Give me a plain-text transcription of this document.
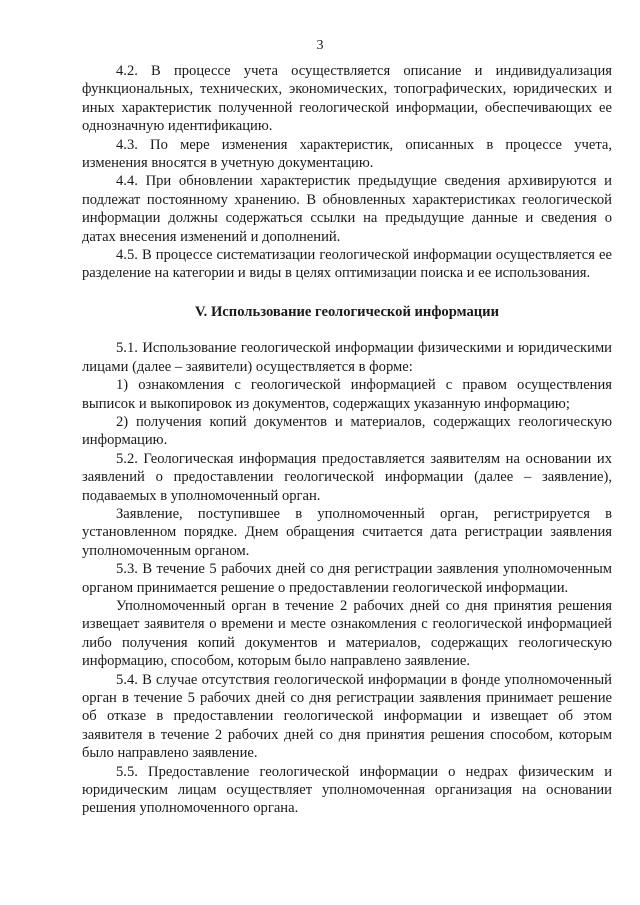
3

4.2. В процессе учета осуществляется описание и индивидуализация функциональных, технических, экономических, топографических, юридических и иных характеристик полученной геологической информации, обеспечивающих ее однозначную идентификацию.

4.3. По мере изменения характеристик, описанных в процессе учета, изменения вносятся в учетную документацию.

4.4. При обновлении характеристик предыдущие сведения архивируются и подлежат постоянному хранению. В обновленных характеристиках геологической информации должны содержаться ссылки на предыдущие данные и сведения о датах внесения изменений и дополнений.

4.5. В процессе систематизации геологической информации осуществляется ее разделение на категории и виды в целях оптимизации поиска и ее использования.

V. Использование геологической информации

5.1. Использование геологической информации физическими и юридическими лицами (далее – заявители) осуществляется в форме:

1) ознакомления с геологической информацией с правом осуществления выписок и выкопировок из документов, содержащих указанную информацию;

2) получения копий документов и материалов, содержащих геологическую информацию.

5.2. Геологическая информация предоставляется заявителям на основании их заявлений о предоставлении геологической информации (далее – заявление), подаваемых в уполномоченный орган.

Заявление, поступившее в уполномоченный орган, регистрируется в установленном порядке. Днем обращения считается дата регистрации заявления уполномоченным органом.

5.3. В течение 5 рабочих дней со дня регистрации заявления уполномоченным органом принимается решение о предоставлении геологической информации.

Уполномоченный орган в течение 2 рабочих дней со дня принятия решения извещает заявителя о времени и месте ознакомления с геологической информацией либо получения копий документов и материалов, содержащих геологическую информацию, способом, которым было направлено заявление.

5.4. В случае отсутствия геологической информации в фонде уполномоченный орган в течение 5 рабочих дней со дня регистрации заявления принимает решение об отказе в предоставлении геологической информации и извещает об этом заявителя в течение 2 рабочих дней со дня принятия решения способом, которым было направлено заявление.

5.5. Предоставление геологической информации о недрах физическим и юридическим лицам осуществляет уполномоченная организация на основании решения уполномоченного органа.
